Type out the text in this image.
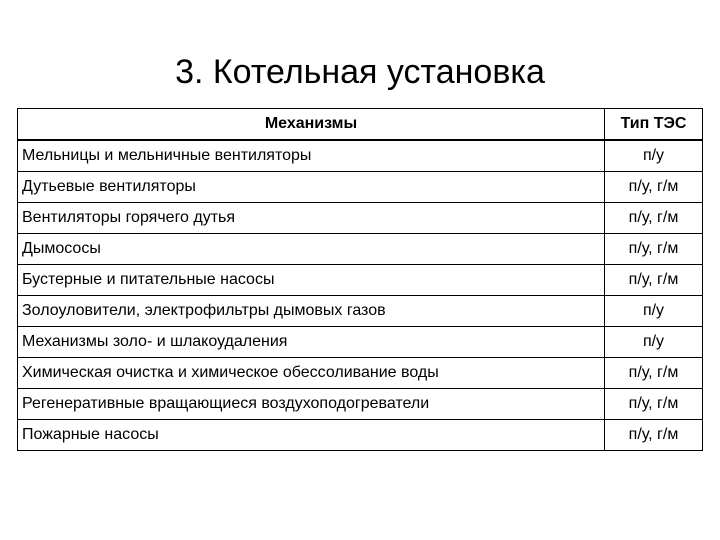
3. Котельная установка
Механизмы	Тип ТЭС
Мельницы и мельничные вентиляторы	п/у
Дутьевые вентиляторы	п/у, г/м
Вентиляторы горячего дутья	п/у, г/м
Дымососы	п/у, г/м
Бустерные и питательные насосы	п/у, г/м
Золоуловители, электрофильтры дымовых газов	п/у
Механизмы золо- и шлакоудаления	п/у
Химическая очистка и химическое обессоливание воды	п/у, г/м
Регенеративные вращающиеся воздухоподогреватели	п/у, г/м
Пожарные насосы	п/у, г/м
